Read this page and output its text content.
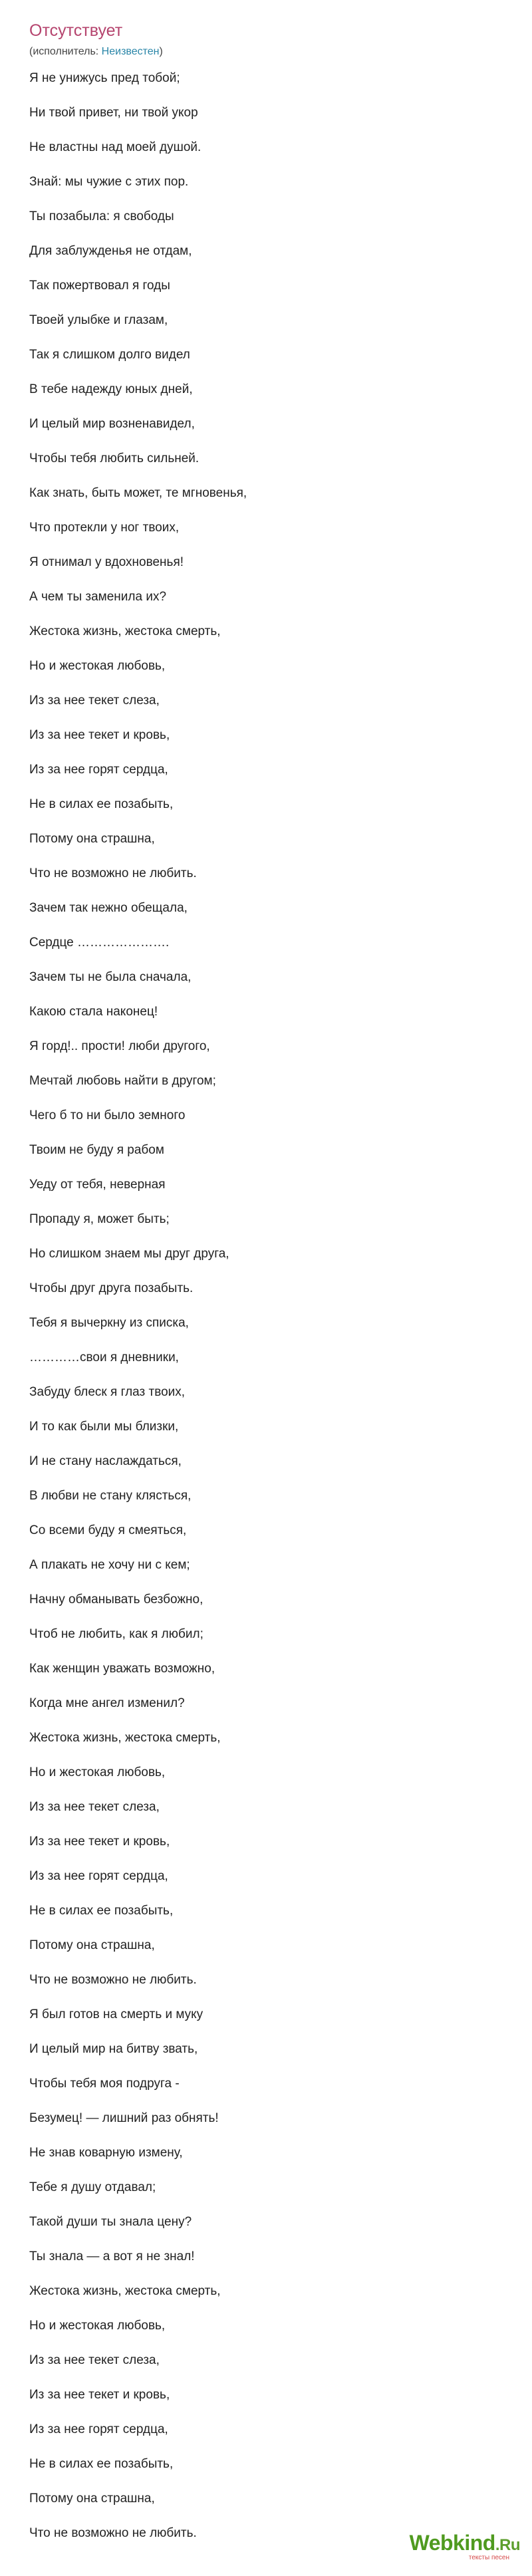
Отсутствует
(исполнитель: Неизвестен)
Я не унижусь пред тобой;
Ни твой привет, ни твой укор
Не властны над моей душой.
Знай: мы чужие с этих пор.
Ты позабыла: я свободы
Для заблужденья не отдам,
Так пожертвовал я годы
Твоей улыбке и глазам,
Так я слишком долго видел
В тебе надежду юных дней,
И целый мир возненавидел,
Чтобы тебя любить сильней.
Как знать, быть может, те мгновенья,
Что протекли у ног твоих,
Я отнимал у вдохновенья!
А чем ты заменила их?
Жестока жизнь, жестока смерть,
Но и жестокая любовь,
Из за нее текет слеза,
Из за нее текет и кровь,
Из за нее горят сердца,
Не в силах ее позабыть,
Потому она страшна,
Что не возможно не любить.
Зачем так нежно обещала,
Сердце ………………….
Зачем ты не была сначала,
Какою стала наконец!
Я горд!.. прости! люби другого,
Мечтай любовь найти в другом;
Чего б то ни было земного
Твоим не буду я рабом
Уеду от тебя, неверная
Пропаду я, может быть;
Но слишком знаем мы друг друга,
Чтобы друг друга позабыть.
Тебя я вычеркну из списка,
…………свои я дневники,
Забуду блеск я глаз твоих,
И то как были мы близки,
И не стану наслаждаться,
В любви не стану клясться,
Со всеми буду я смеяться,
А плакать не хочу ни с кем;
Начну обманывать безбожно,
Чтоб не любить, как я любил;
Как женщин уважать возможно,
Когда мне ангел изменил?
Жестока жизнь, жестока смерть,
Но и жестокая любовь,
Из за нее текет слеза,
Из за нее текет и кровь,
Из за нее горят сердца,
Не в силах ее позабыть,
Потому она страшна,
Что не возможно не любить.
Я был готов на смерть и муку
И целый мир на битву звать,
Чтобы тебя моя подруга -
Безумец! — лишний раз обнять!
Не знав коварную измену,
Тебе я душу отдавал;
Такой души ты знала цену?
Ты знала — а вот я не знал!
Жестока жизнь, жестока смерть,
Но и жестокая любовь,
Из за нее текет слеза,
Из за нее текет и кровь,
Из за нее горят сердца,
Не в силах ее позабыть,
Потому она страшна,
Что не возможно не любить.	Webkind.Ru
тексты песен
